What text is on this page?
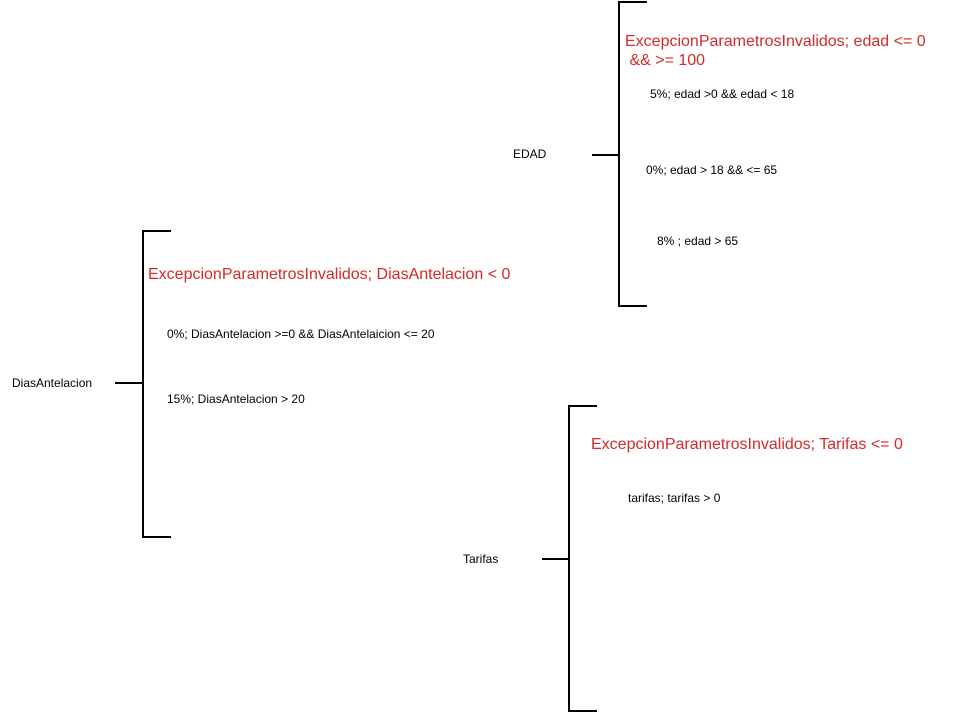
EDAD
ExcepcionParametrosInvalidos; edad <= 0
&& >= 100
5%; edad >0 && edad < 18
0%; edad > 18 && <= 65
8% ; edad > 65
DiasAntelacion
ExcepcionParametrosInvalidos; DiasAntelacion < 0
0%; DiasAntelacion >=0 && DiasAntelaicion <= 20
15%; DiasAntelacion > 20
Tarifas
ExcepcionParametrosInvalidos; Tarifas <= 0
tarifas; tarifas > 0
